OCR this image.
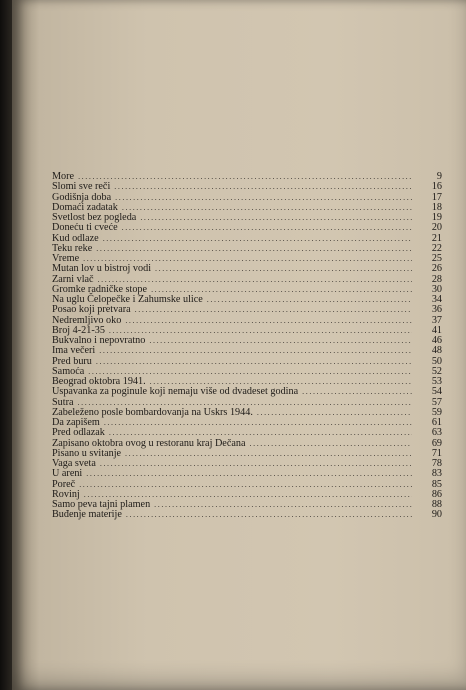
More .....	9
Slomi sve reči .....	16
Godišnja doba .....	17
Domaći zadatak .....	18
Svetlost bez pogleda .....	19
Doneću ti cveće .....	20
Kud odlaze .....	21
Teku reke .....	22
Vreme .....	25
Mutan lov u bistroj vodi .....	26
Zarni vlač .....	28
Gromke radničke stope .....	30
Na uglu Čelopečke i Zahumske ulice .....	34
Posao koji pretvara .....	36
Nedremljivo oko .....	37
Broj 4-21-35 .....	41
Bukvalno i nepovratno .....	46
Ima večeri .....	48
Pred buru .....	50
Samoća .....	52
Beograd oktobra 1941. .....	53
Uspavanka za poginule koji nemaju više od dvadeset godina .....	54
Sutra .....	57
Zabeleženo posle bombardovanja na Uskrs 1944. .....	59
Da zapišem .....	61
Pred odlazak .....	63
Zapisano oktobra ovog u restoranu kraj Dečana .....	69
Pisano u svitanje .....	71
Vaga sveta .....	78
U areni .....	83
Poreč .....	85
Rovinj .....	86
Samo peva tajni plamen .....	88
Buđenje materije .....	90
